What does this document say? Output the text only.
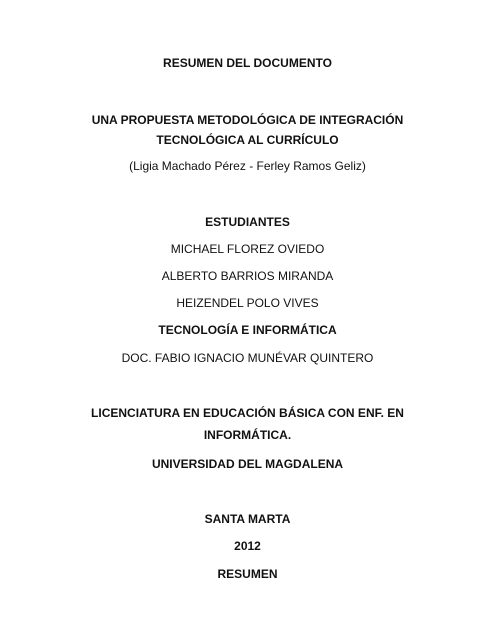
RESUMEN DEL DOCUMENTO
UNA PROPUESTA METODOLÓGICA DE INTEGRACIÓN
TECNOLÓGICA AL CURRÍCULO
(Ligia Machado Pérez - Ferley Ramos Geliz)
ESTUDIANTES
MICHAEL FLOREZ OVIEDO
ALBERTO BARRIOS MIRANDA
HEIZENDEL POLO VIVES
TECNOLOGÍA E INFORMÁTICA
DOC. FABIO IGNACIO MUNÉVAR QUINTERO
LICENCIATURA EN EDUCACIÓN BÁSICA CON ENF. EN
INFORMÁTICA.
UNIVERSIDAD DEL MAGDALENA
SANTA MARTA
2012
RESUMEN
